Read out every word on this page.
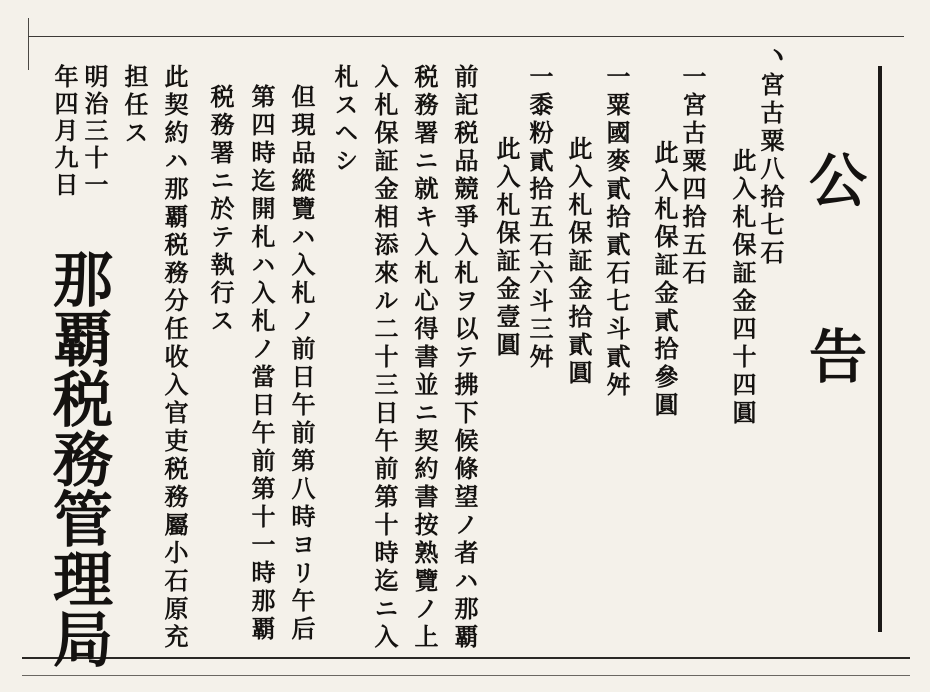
公告
ヽ
宮古粟八拾七石
此入札保証金四十四圓
一宮古粟四拾五石
此入札保証金貳拾參圓
一粟國麥貳拾貳石七斗貳舛
此入札保証金拾貳圓
一黍粉貳拾五石六斗三舛
此入札保証金壹圓
前記税品競爭入札ヲ以テ拂下候條望ノ者ハ那覇
税務署ニ就キ入札心得書並ニ契約書按熟覽ノ上
入札保証金相添來ル二十三日午前第十時迄ニ入
札スヘシ
但現品縱覽ハ入札ノ前日午前第八時ヨリ午后
第四時迄開札ハ入札ノ當日午前第十一時那覇
税務署ニ於テ執行ス
此契約ハ那覇税務分任收入官吏税務屬小石原充
担任ス
明治三十一
年四月九日
那覇税務管理局
